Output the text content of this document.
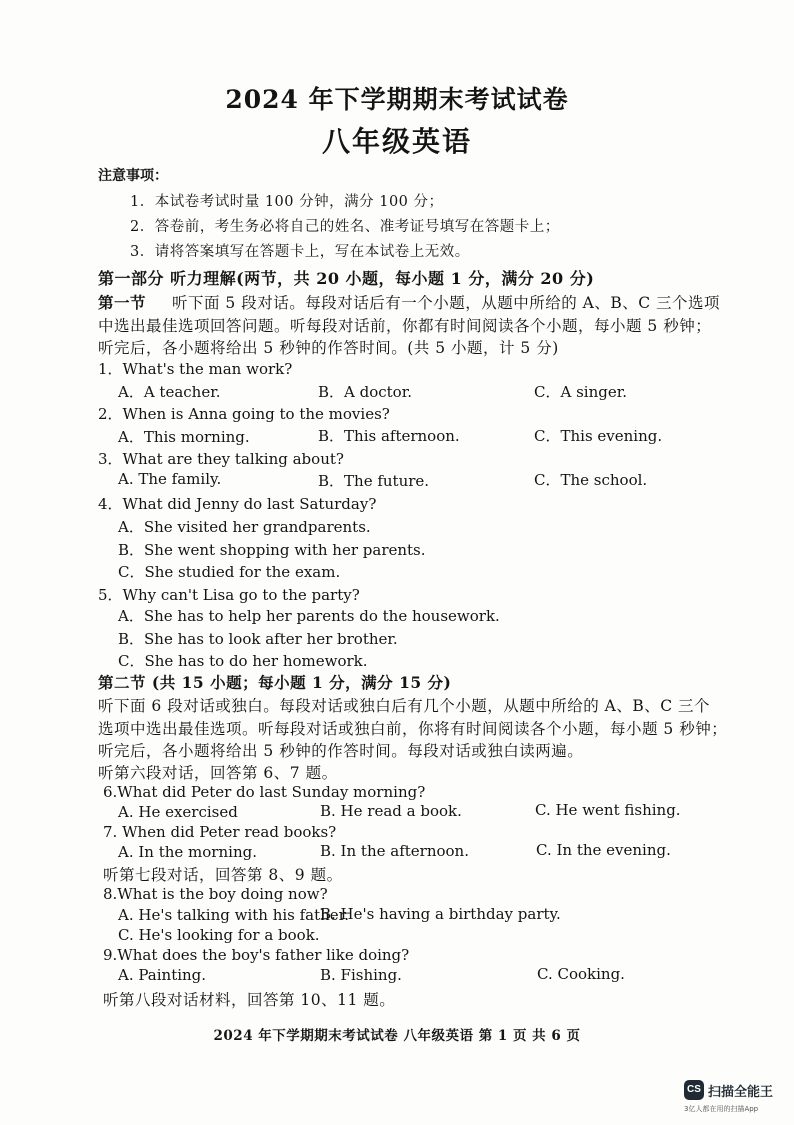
2024 年下学期期末考试试卷
八年级英语
注意事项：
1．本试卷考试时量 100 分钟，满分 100 分；
2．答卷前，考生务必将自己的姓名、准考证号填写在答题卡上；
3．请将答案填写在答题卡上，写在本试卷上无效。
第一部分 听力理解(两节，共 20 小题，每小题 1 分，满分 20 分)
第一节 听下面 5 段对话。每段对话后有一个小题，从题中所给的 A、B、C 三个选项
中选出最佳选项回答问题。听每段对话前，你都有时间阅读各个小题，每小题 5 秒钟；
听完后，各小题将给出 5 秒钟的作答时间。(共 5 小题，计 5 分)
1．What's the man work?
A．A teacher.	B．A doctor.	C．A singer.
2．When is Anna going to the movies?
A．This morning.	B．This afternoon.	C．This evening.
3．What are they talking about?
A. The family.	B．The future.	C．The school.
4．What did Jenny do last Saturday?
A．She visited her grandparents.
B．She went shopping with her parents.
C．She studied for the exam.
5．Why can't Lisa go to the party?
A．She has to help her parents do the housework.
B．She has to look after her brother.
C．She has to do her homework.
第二节 (共 15 小题；每小题 1 分，满分 15 分)
听下面 6 段对话或独白。每段对话或独白后有几个小题，从题中所给的 A、B、C 三个
选项中选出最佳选项。听每段对话或独白前，你将有时间阅读各个小题，每小题 5 秒钟；
听完后，各小题将给出 5 秒钟的作答时间。每段对话或独白读两遍。
听第六段对话，回答第 6、7 题。
6.What did Peter do last Sunday morning?
A. He exercised	B. He read a book.	C. He went fishing.
7. When did Peter read books?
A. In the morning.	B. In the afternoon.	C. In the evening.
听第七段对话，回答第 8、9 题。
8.What is the boy doing now?
A. He's talking with his father.
B. He's having a birthday party.
C. He's looking for a book.
9.What does the boy's father like doing?
A. Painting.	B. Fishing.	C. Cooking.
听第八段对话材料，回答第 10、11 题。
2024 年下学期期末考试试卷 八年级英语 第 1 页 共 6 页
CS 扫描全能王
3亿人都在用的扫描App
